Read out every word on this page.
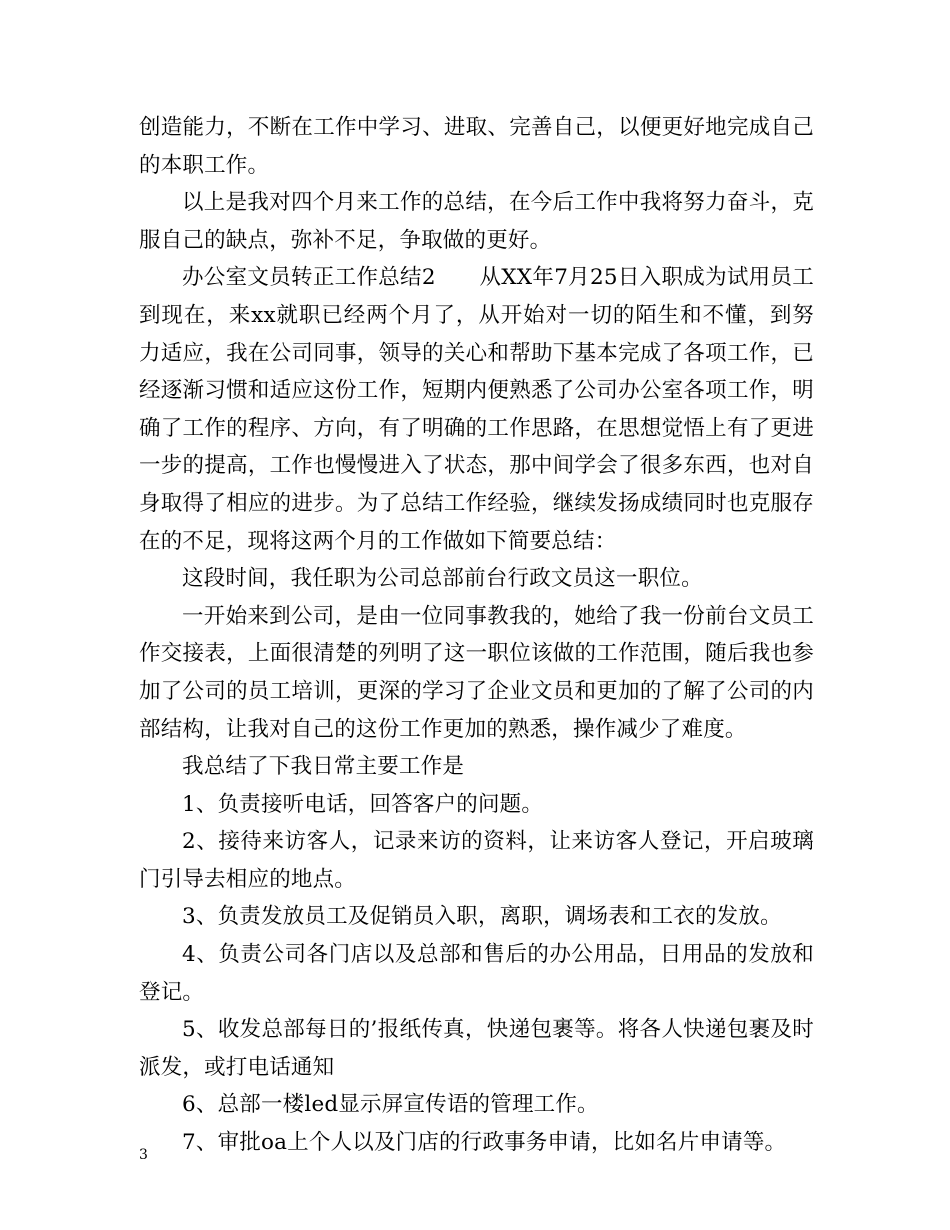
创造能力，不断在工作中学习、进取、完善自己，以便更好地完成自己的本职工作。

以上是我对四个月来工作的总结，在今后工作中我将努力奋斗，克服自己的缺点，弥补不足，争取做的更好。

办公室文员转正工作总结2　　从XX年7月25日入职成为试用员工到现在，来xx就职已经两个月了，从开始对一切的陌生和不懂，到努力适应，我在公司同事，领导的关心和帮助下基本完成了各项工作，已经逐渐习惯和适应这份工作，短期内便熟悉了公司办公室各项工作，明确了工作的程序、方向，有了明确的工作思路，在思想觉悟上有了更进一步的提高，工作也慢慢进入了状态，那中间学会了很多东西，也对自身取得了相应的进步。为了总结工作经验，继续发扬成绩同时也克服存在的不足，现将这两个月的工作做如下简要总结：

这段时间，我任职为公司总部前台行政文员这一职位。

一开始来到公司，是由一位同事教我的，她给了我一份前台文员工作交接表，上面很清楚的列明了这一职位该做的工作范围，随后我也参加了公司的员工培训，更深的学习了企业文员和更加的了解了公司的内部结构，让我对自己的这份工作更加的熟悉，操作减少了难度。

我总结了下我日常主要工作是

1、负责接听电话，回答客户的问题。

2、接待来访客人，记录来访的资料，让来访客人登记，开启玻璃门引导去相应的地点。

3、负责发放员工及促销员入职，离职，调场表和工衣的发放。

4、负责公司各门店以及总部和售后的办公用品，日用品的发放和登记。

5、收发总部每日的’报纸传真，快递包裹等。将各人快递包裹及时派发，或打电话通知

6、总部一楼led显示屏宣传语的管理工作。

7、审批oa上个人以及门店的行政事务申请，比如名片申请等。

3
